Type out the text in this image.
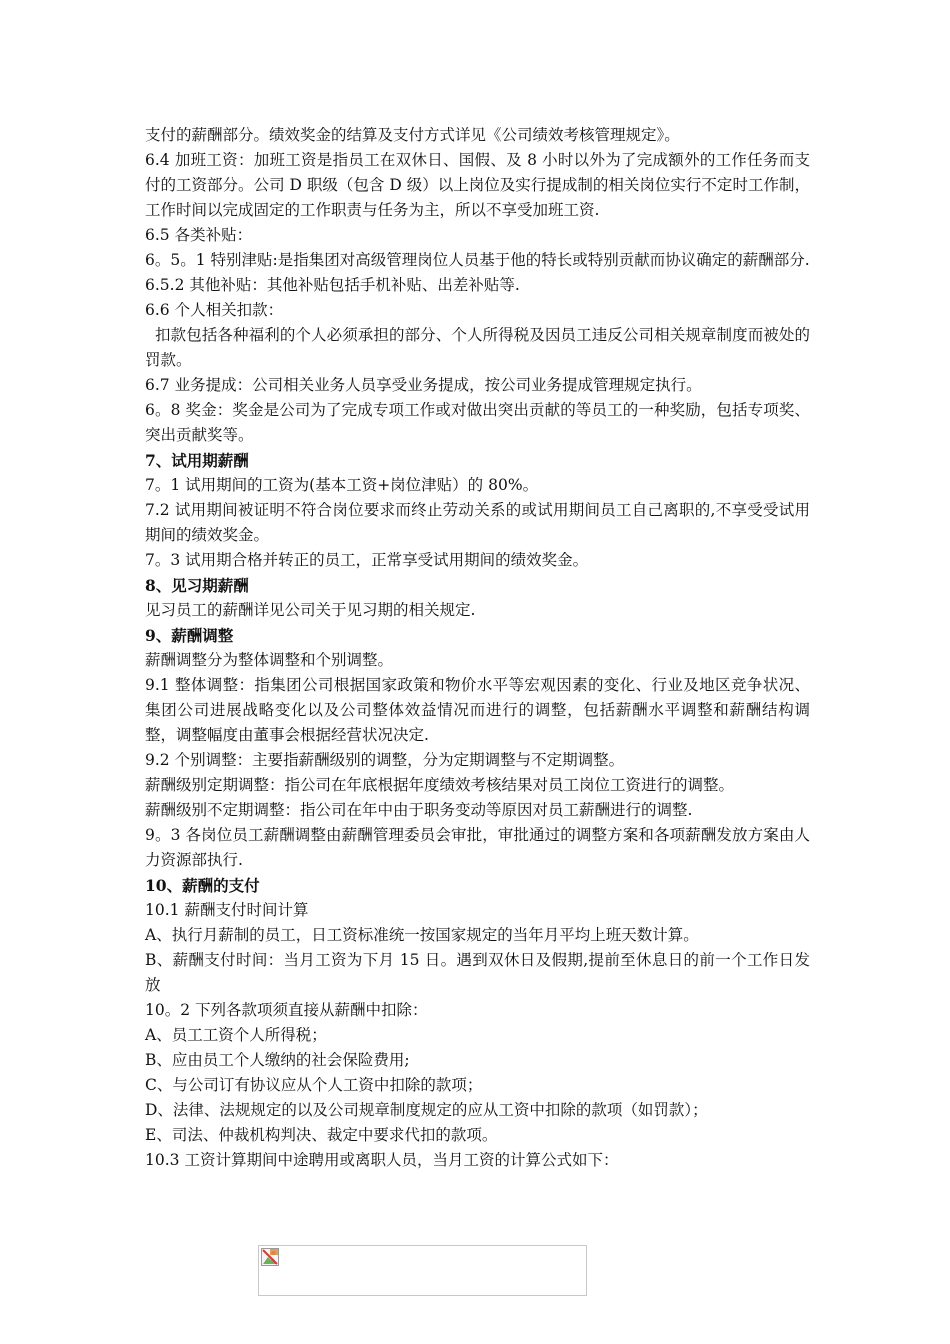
支付的薪酬部分。绩效奖金的结算及支付方式详见《公司绩效考核管理规定》。

6.4 加班工资：加班工资是指员工在双休日、国假、及 8 小时以外为了完成额外的工作任务而支付的工资部分。公司 D 职级（包含 D 级）以上岗位及实行提成制的相关岗位实行不定时工作制，工作时间以完成固定的工作职责与任务为主，所以不享受加班工资.

6.5 各类补贴：

6。5。1 特别津贴:是指集团对高级管理岗位人员基于他的特长或特别贡献而协议确定的薪酬部分.

6.5.2 其他补贴：其他补贴包括手机补贴、出差补贴等.

6.6 个人相关扣款：

扣款包括各种福利的个人必须承担的部分、个人所得税及因员工违反公司相关规章制度而被处的罚款。

6.7 业务提成：公司相关业务人员享受业务提成，按公司业务提成管理规定执行。

6。8 奖金：奖金是公司为了完成专项工作或对做出突出贡献的等员工的一种奖励，包括专项奖、突出贡献奖等。

7、试用期薪酬

7。1 试用期间的工资为(基本工资+岗位津贴）的 80%。

7.2 试用期间被证明不符合岗位要求而终止劳动关系的或试用期间员工自己离职的,不享受受试用期间的绩效奖金。

7。3 试用期合格并转正的员工，正常享受试用期间的绩效奖金。

8、见习期薪酬

见习员工的薪酬详见公司关于见习期的相关规定.

9、薪酬调整

薪酬调整分为整体调整和个别调整。

9.1 整体调整：指集团公司根据国家政策和物价水平等宏观因素的变化、行业及地区竞争状况、集团公司进展战略变化以及公司整体效益情况而进行的调整，包括薪酬水平调整和薪酬结构调整，调整幅度由董事会根据经营状况决定.

9.2 个别调整：主要指薪酬级别的调整，分为定期调整与不定期调整。

薪酬级别定期调整：指公司在年底根据年度绩效考核结果对员工岗位工资进行的调整。

薪酬级别不定期调整：指公司在年中由于职务变动等原因对员工薪酬进行的调整.

9。3 各岗位员工薪酬调整由薪酬管理委员会审批，审批通过的调整方案和各项薪酬发放方案由人力资源部执行.

10、薪酬的支付

10.1 薪酬支付时间计算

A、执行月薪制的员工，日工资标准统一按国家规定的当年月平均上班天数计算。

B、薪酬支付时间：当月工资为下月 15 日。遇到双休日及假期,提前至休息日的前一个工作日发放

10。2 下列各款项须直接从薪酬中扣除：

A、员工工资个人所得税；

B、应由员工个人缴纳的社会保险费用;

C、与公司订有协议应从个人工资中扣除的款项；

D、法律、法规规定的以及公司规章制度规定的应从工资中扣除的款项（如罚款）；

E、司法、仲裁机构判决、裁定中要求代扣的款项。

10.3 工资计算期间中途聘用或离职人员，当月工资的计算公式如下：
